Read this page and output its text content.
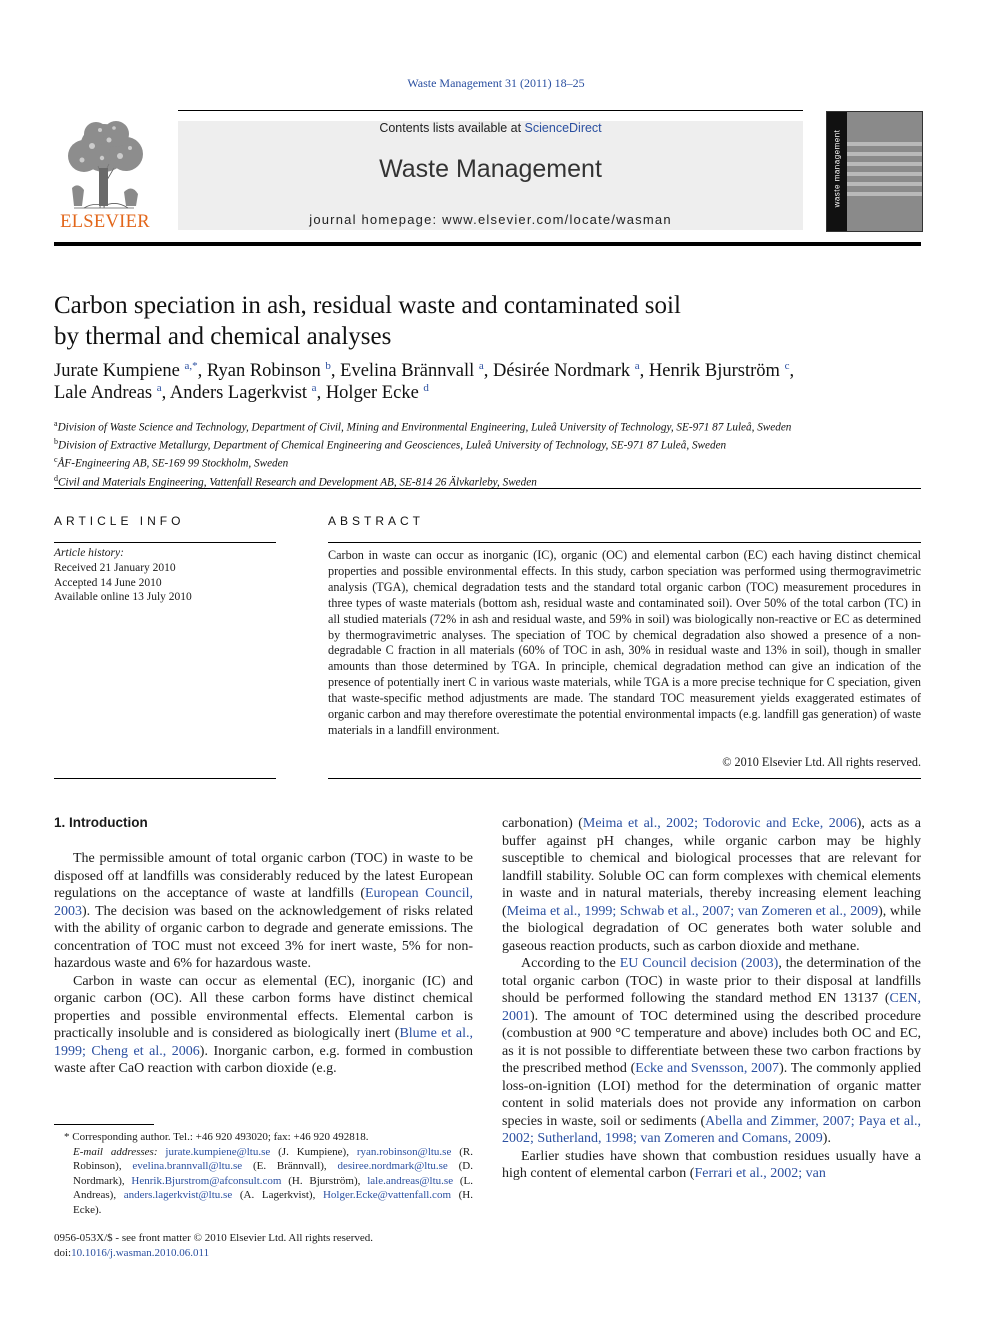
Waste Management 31 (2011) 18–25
ELSEVIER
Contents lists available at ScienceDirect
Waste Management
journal homepage: www.elsevier.com/locate/wasman
waste management
Carbon speciation in ash, residual waste and contaminated soil
by thermal and chemical analyses
Jurate Kumpiene $^{a,*}$, Ryan Robinson $^b$, Evelina Brännvall $^a$, Désirée Nordmark $^a$, Henrik Bjurström $^c$,
Lale Andreas $^a$, Anders Lagerkvist $^a$, Holger Ecke $^d$
$^a$Division of Waste Science and Technology, Department of Civil, Mining and Environmental Engineering, Luleå University of Technology, SE-971 87 Luleå, Sweden
$^b$Division of Extractive Metallurgy, Department of Chemical Engineering and Geosciences, Luleå University of Technology, SE-971 87 Luleå, Sweden
$^c$ÅF-Engineering AB, SE-169 99 Stockholm, Sweden
$^d$Civil and Materials Engineering, Vattenfall Research and Development AB, SE-814 26 Älvkarleby, Sweden
ARTICLE INFO
Article history:
Received 21 January 2010
Accepted 14 June 2010
Available online 13 July 2010
ABSTRACT
Carbon in waste can occur as inorganic (IC), organic (OC) and elemental carbon (EC) each having distinct chemical properties and possible environmental effects. In this study, carbon speciation was performed using thermogravimetric analysis (TGA), chemical degradation tests and the standard total organic carbon (TOC) measurement procedures in three types of waste materials (bottom ash, residual waste and contaminated soil). Over 50% of the total carbon (TC) in all studied materials (72% in ash and residual waste, and 59% in soil) was biologically non-reactive or EC as determined by thermogravimetric analyses. The speciation of TOC by chemical degradation also showed a presence of a non-degradable C fraction in all materials (60% of TOC in ash, 30% in residual waste and 13% in soil), though in smaller amounts than those determined by TGA. In principle, chemical degradation method can give an indication of the presence of potentially inert C in various waste materials, while TGA is a more precise technique for C speciation, given that waste-specific method adjustments are made. The standard TOC measurement yields exaggerated estimates of organic carbon and may therefore overestimate the potential environmental impacts (e.g. landfill gas generation) of waste materials in a landfill environment.
© 2010 Elsevier Ltd. All rights reserved.
1. Introduction

The permissible amount of total organic carbon (TOC) in waste to be disposed off at landfills was considerably reduced by the latest European regulations on the acceptance of waste at landfills (European Council, 2003). The decision was based on the acknowledgement of risks related with the ability of organic carbon to degrade and generate emissions. The concentration of TOC must not exceed 3% for inert waste, 5% for non-hazardous waste and 6% for hazardous waste.

Carbon in waste can occur as elemental (EC), inorganic (IC) and organic carbon (OC). All these carbon forms have distinct chemical properties and possible environmental effects. Elemental carbon is practically insoluble and is considered as biologically inert (Blume et al., 1999; Cheng et al., 2006). Inorganic carbon, e.g. formed in combustion waste after CaO reaction with carbon dioxide (e.g.

carbonation) (Meima et al., 2002; Todorovic and Ecke, 2006), acts as a buffer against pH changes, while organic carbon may be highly susceptible to chemical and biological processes that are relevant for landfill stability. Soluble OC can form complexes with chemical elements in waste and in natural materials, thereby increasing element leaching (Meima et al., 1999; Schwab et al., 2007; van Zomeren et al., 2009), while the biological degradation of OC generates both water soluble and gaseous reaction products, such as carbon dioxide and methane.

According to the EU Council decision (2003), the determination of the total organic carbon (TOC) in waste prior to their disposal at landfills should be performed following the standard method EN 13137 (CEN, 2001). The amount of TOC determined using the described procedure (combustion at 900 °C temperature and above) includes both OC and EC, as it is not possible to differentiate between these two carbon fractions by the prescribed method (Ecke and Svensson, 2007). The commonly applied loss-on-ignition (LOI) method for the determination of organic matter content in solid materials does not provide any information on carbon species in waste, soil or sediments (Abella and Zimmer, 2007; Paya et al., 2002; Sutherland, 1998; van Zomeren and Comans, 2009).

Earlier studies have shown that combustion residues usually have a high content of elemental carbon (Ferrari et al., 2002; van

* Corresponding author. Tel.: +46 920 493020; fax: +46 920 492818.
E-mail addresses: jurate.kumpiene@ltu.se (J. Kumpiene), ryan.robinson@ltu.se (R. Robinson), evelina.brannvall@ltu.se (E. Brännvall), desiree.nordmark@ltu.se (D. Nordmark), Henrik.Bjurstrom@afconsult.com (H. Bjurström), lale.andreas@ltu.se (L. Andreas), anders.lagerkvist@ltu.se (A. Lagerkvist), Holger.Ecke@vattenfall.com (H. Ecke).
0956-053X/$ - see front matter © 2010 Elsevier Ltd. All rights reserved.
doi:10.1016/j.wasman.2010.06.011
